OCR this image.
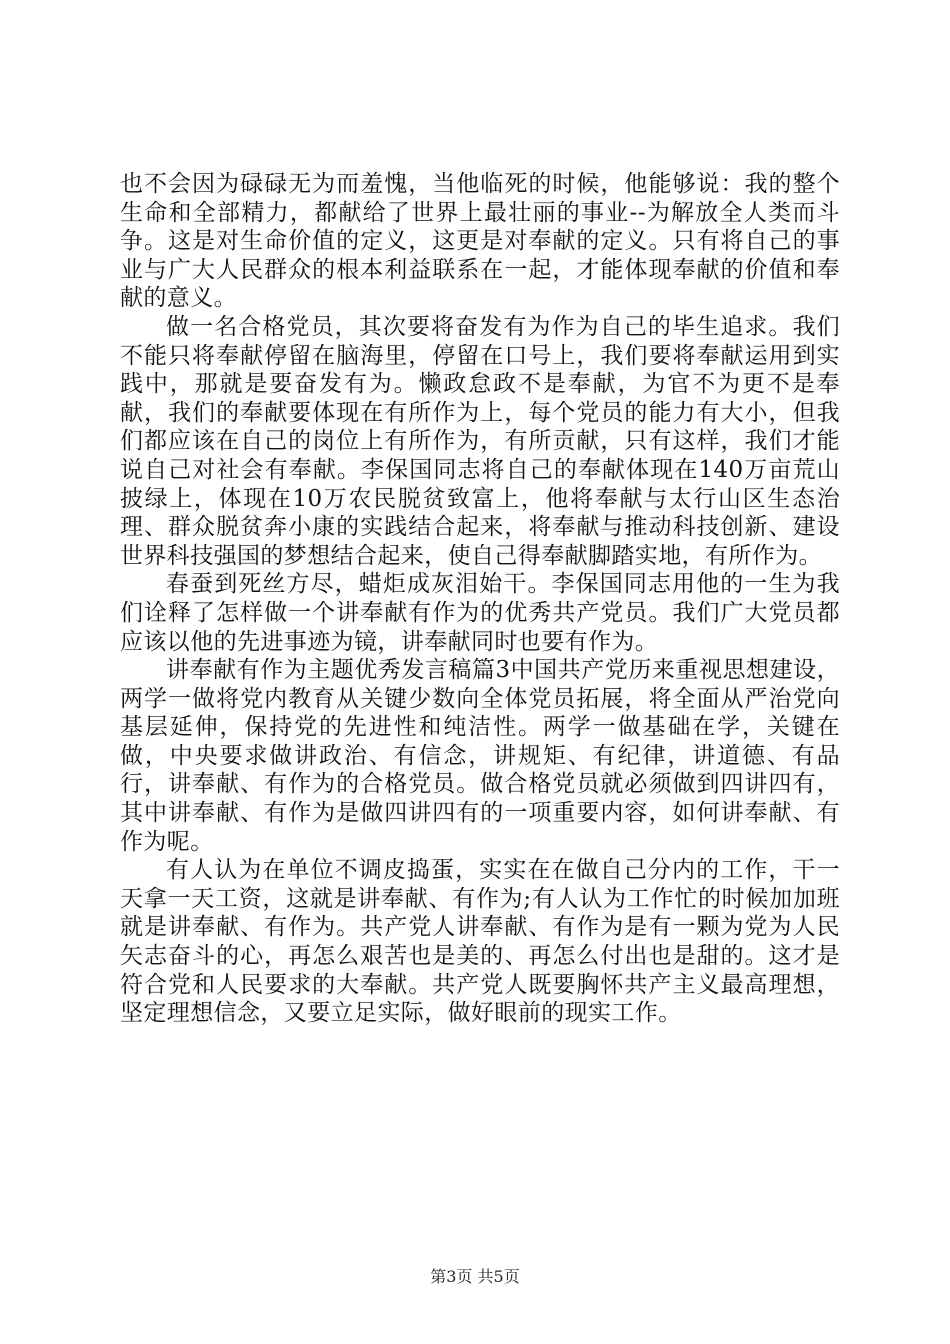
也不会因为碌碌无为而羞愧，当他临死的时候，他能够说：我的整个生命和全部精力，都献给了世界上最壮丽的事业--为解放全人类而斗争。这是对生命价值的定义，这更是对奉献的定义。只有将自己的事业与广大人民群众的根本利益联系在一起，才能体现奉献的价值和奉献的意义。

做一名合格党员，其次要将奋发有为作为自己的毕生追求。我们不能只将奉献停留在脑海里，停留在口号上，我们要将奉献运用到实践中，那就是要奋发有为。懒政怠政不是奉献，为官不为更不是奉献，我们的奉献要体现在有所作为上，每个党员的能力有大小，但我们都应该在自己的岗位上有所作为，有所贡献，只有这样，我们才能说自己对社会有奉献。李保国同志将自己的奉献体现在140万亩荒山披绿上，体现在10万农民脱贫致富上，他将奉献与太行山区生态治理、群众脱贫奔小康的实践结合起来，将奉献与推动科技创新、建设世界科技强国的梦想结合起来，使自己得奉献脚踏实地，有所作为。

春蚕到死丝方尽，蜡炬成灰泪始干。李保国同志用他的一生为我们诠释了怎样做一个讲奉献有作为的优秀共产党员。我们广大党员都应该以他的先进事迹为镜，讲奉献同时也要有作为。

讲奉献有作为主题优秀发言稿篇3中国共产党历来重视思想建设，两学一做将党内教育从关键少数向全体党员拓展，将全面从严治党向基层延伸，保持党的先进性和纯洁性。两学一做基础在学，关键在做，中央要求做讲政治、有信念，讲规矩、有纪律，讲道德、有品行，讲奉献、有作为的合格党员。做合格党员就必须做到四讲四有，其中讲奉献、有作为是做四讲四有的一项重要内容，如何讲奉献、有作为呢。

有人认为在单位不调皮捣蛋，实实在在做自己分内的工作，干一天拿一天工资，这就是讲奉献、有作为;有人认为工作忙的时候加加班就是讲奉献、有作为。共产党人讲奉献、有作为是有一颗为党为人民矢志奋斗的心，再怎么艰苦也是美的、再怎么付出也是甜的。这才是符合党和人民要求的大奉献。共产党人既要胸怀共产主义最高理想，坚定理想信念，又要立足实际，做好眼前的现实工作。

第3页 共5页
